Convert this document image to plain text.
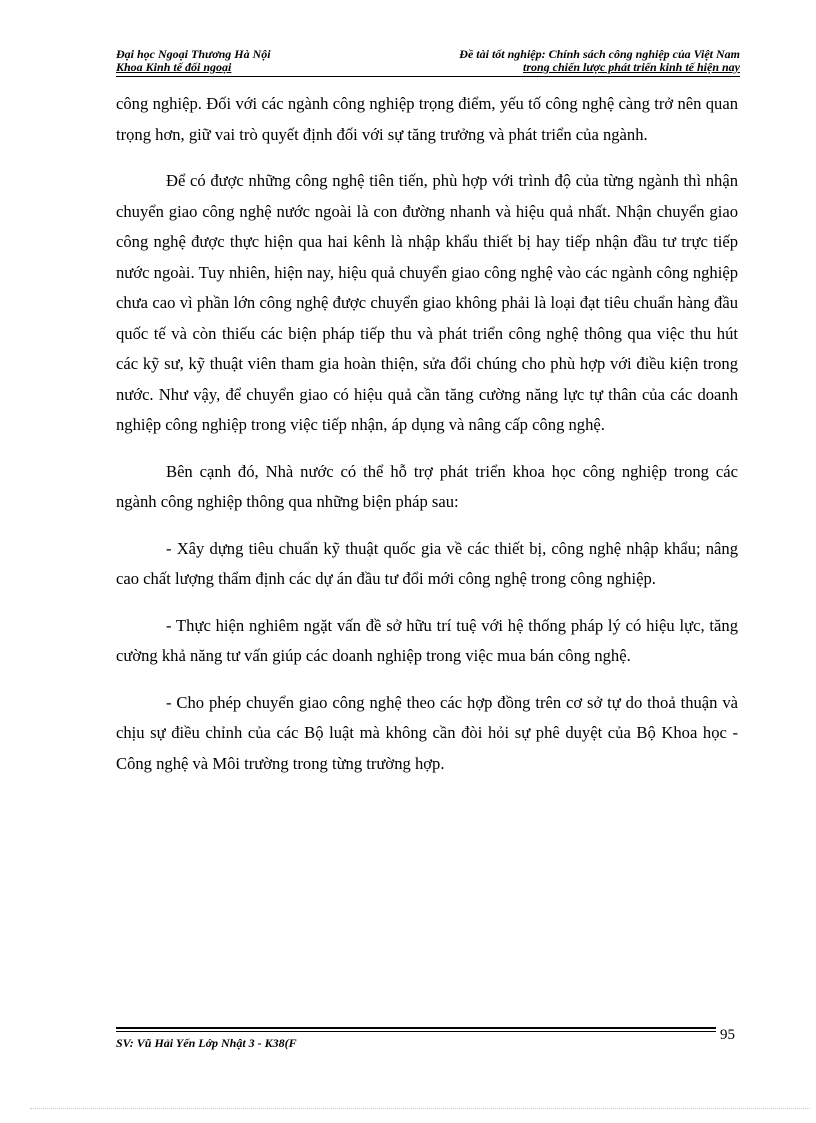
Đại học Ngoại Thương Hà Nội
Khoa Kinh tế đối ngoại
Đề tài tốt nghiệp: Chính sách công nghiệp của Việt Nam
trong chiến lược phát triển kinh tế hiện nay

công nghiệp. Đối với các ngành công nghiệp trọng điểm, yếu tố công nghệ càng trở nên quan trọng hơn, giữ vai trò quyết định đối với sự tăng trưởng và phát triển của ngành.

Để có được những công nghệ tiên tiến, phù hợp với trình độ của từng ngành thì nhận chuyển giao công nghệ nước ngoài là con đường nhanh và hiệu quả nhất. Nhận chuyển giao công nghệ được thực hiện qua hai kênh là nhập khẩu thiết bị hay tiếp nhận đầu tư trực tiếp nước ngoài. Tuy nhiên, hiện nay, hiệu quả chuyển giao công nghệ vào các ngành công nghiệp chưa cao vì phần lớn công nghệ được chuyển giao không phải là loại đạt tiêu chuẩn hàng đầu quốc tế và còn thiếu các biện pháp tiếp thu và phát triển công nghệ thông qua việc thu hút các kỹ sư, kỹ thuật viên tham gia hoàn thiện, sửa đổi chúng cho phù hợp với điều kiện trong nước. Như vậy, để chuyển giao có hiệu quả cần tăng cường năng lực tự thân của các doanh nghiệp công nghiệp trong việc tiếp nhận, áp dụng và nâng cấp công nghệ.

Bên cạnh đó, Nhà nước có thể hỗ trợ phát triển khoa học công nghiệp trong các ngành công nghiệp thông qua những biện pháp sau:

- Xây dựng tiêu chuẩn kỹ thuật quốc gia về các thiết bị, công nghệ nhập khẩu; nâng cao chất lượng thẩm định các dự án đầu tư đổi mới công nghệ trong công nghiệp.

- Thực hiện nghiêm ngặt vấn đề sở hữu trí tuệ với hệ thống pháp lý có hiệu lực, tăng cường khả năng tư vấn giúp các doanh nghiệp trong việc mua bán công nghệ.

- Cho phép chuyển giao công nghệ theo các hợp đồng trên cơ sở tự do thoả thuận và chịu sự điều chỉnh của các Bộ luật mà không cần đòi hỏi sự phê duyệt của Bộ Khoa học - Công nghệ và Môi trường trong từng trường hợp.

SV: Vũ Hải Yến Lớp Nhật 3 - K38(F	95
